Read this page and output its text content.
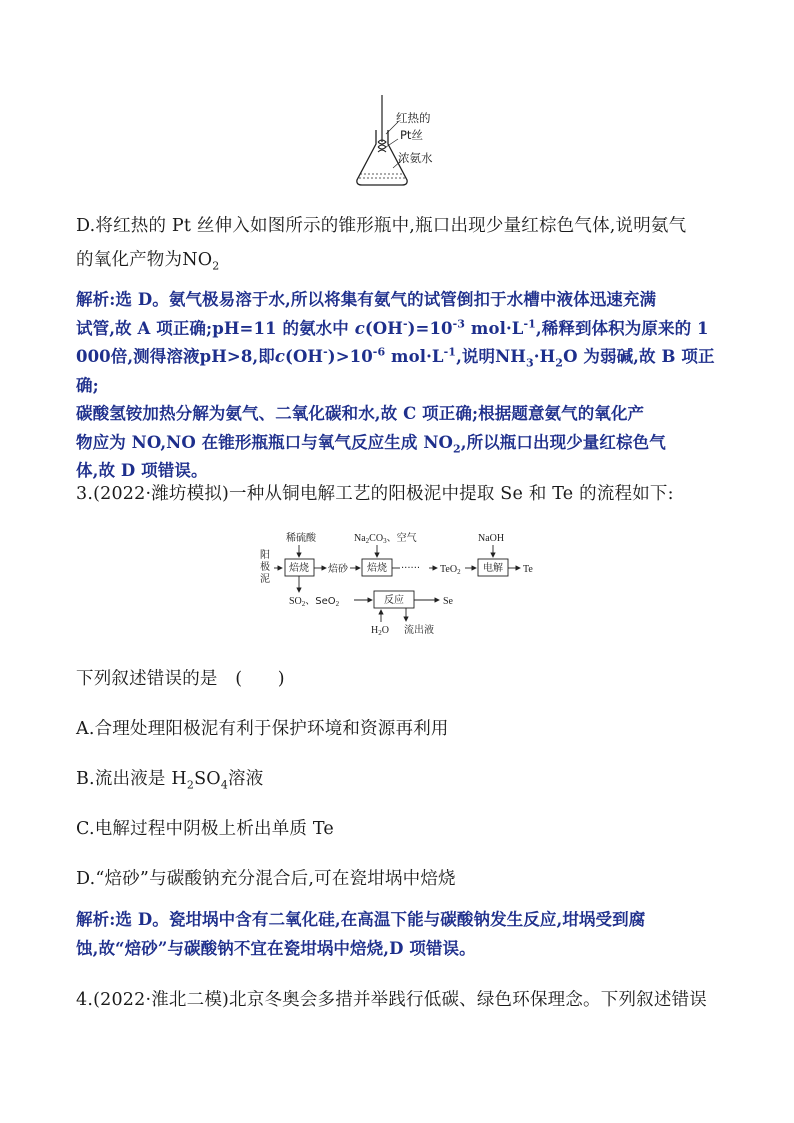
红热的
Pt丝
浓氨水
D.将红热的 Pt 丝伸入如图所示的锥形瓶中,瓶口出现少量红棕色气体,说明氨气
的氧化产物为$NO_2$
解析:选 D。氨气极易溶于水,所以将集有氨气的试管倒扣于水槽中液体迅速充满
试管,故 A 项正确;pH=11 的氨水中 $c(OH^-)=10^{-3}$ $mol\cdot L^{-1}$,稀释到体积为原来的 1
000倍,测得溶液pH>8,即$c(OH^-)>10^{-6}$ $mol\cdot L^{-1}$,说明$NH_3\cdot H_2O$ 为弱碱,故 B 项正确;
碳酸氢铵加热分解为氨气、二氧化碳和水,故 C 项正确;根据题意氨气的氧化产
物应为 NO,NO 在锥形瓶瓶口与氧气反应生成 $NO_2$,所以瓶口出现少量红棕色气
体,故 D 项错误。
3.(2022·潍坊模拟)一种从铜电解工艺的阳极泥中提取 Se 和 Te 的流程如下:
阳
极
泥
稀硫酸
焙烧 焙砂
$Na_2CO_3$、空气
焙烧 ······ TeO$_2$
NaOH
电解 Te
$SO_2$、SeO$_2$	反应	Se
$H_2O$ 流出液
下列叙述错误的是　(　　)
A.合理处理阳极泥有利于保护环境和资源再利用
B.流出液是 $H_2SO_4$溶液
C.电解过程中阴极上析出单质 Te
D.“焙砂”与碳酸钠充分混合后,可在瓷坩埚中焙烧
解析:选 D。瓷坩埚中含有二氧化硅,在高温下能与碳酸钠发生反应,坩埚受到腐
蚀,故“焙砂”与碳酸钠不宜在瓷坩埚中焙烧,D 项错误。
4.(2022·淮北二模)北京冬奥会多措并举践行低碳、绿色环保理念。下列叙述错误
